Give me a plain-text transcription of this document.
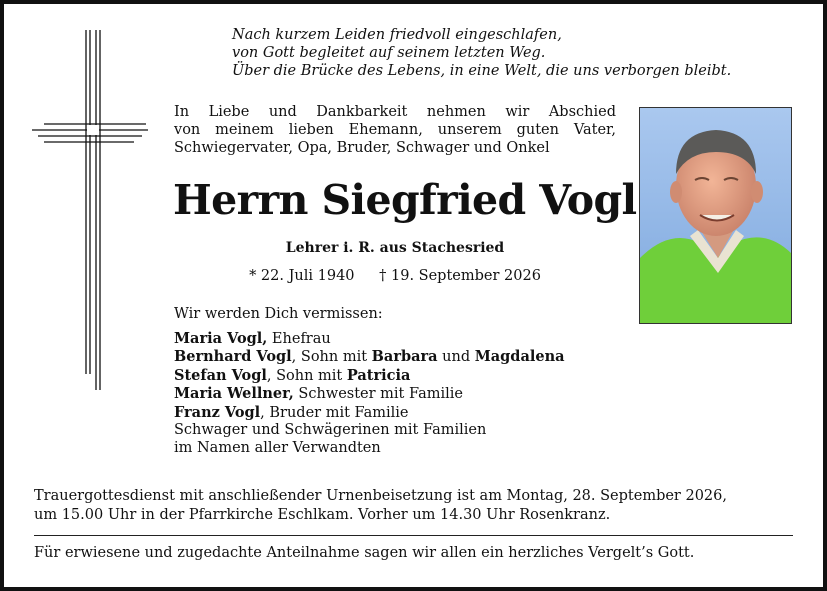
Nach kurzem Leiden friedvoll eingeschlafen,
von Gott begleitet auf seinem letzten Weg.
Über die Brücke des Lebens, in eine Welt, die uns verborgen bleibt.
In Liebe und Dankbarkeit nehmen wir Abschied
von meinem lieben Ehemann, unserem guten Vater,
Schwiegervater, Opa, Bruder, Schwager und Onkel
Herrn Siegfried Vogl
Lehrer i. R. aus Stachesried
* 22. Juli 1940 † 19. September 2026
Wir werden Dich vermissen:
Maria Vogl, Ehefrau
Bernhard Vogl, Sohn mit Barbara und Magdalena
Stefan Vogl, Sohn mit Patricia
Maria Wellner, Schwester mit Familie
Franz Vogl, Bruder mit Familie
Schwager und Schwägerinen mit Familien
im Namen aller Verwandten
Trauergottesdienst mit anschließender Urnenbeisetzung ist am Montag, 28. September 2026,
um 15.00 Uhr in der Pfarrkirche Eschlkam. Vorher um 14.30 Uhr Rosenkranz.
Für erwiesene und zugedachte Anteilnahme sagen wir allen ein herzliches Vergelt’s Gott.
